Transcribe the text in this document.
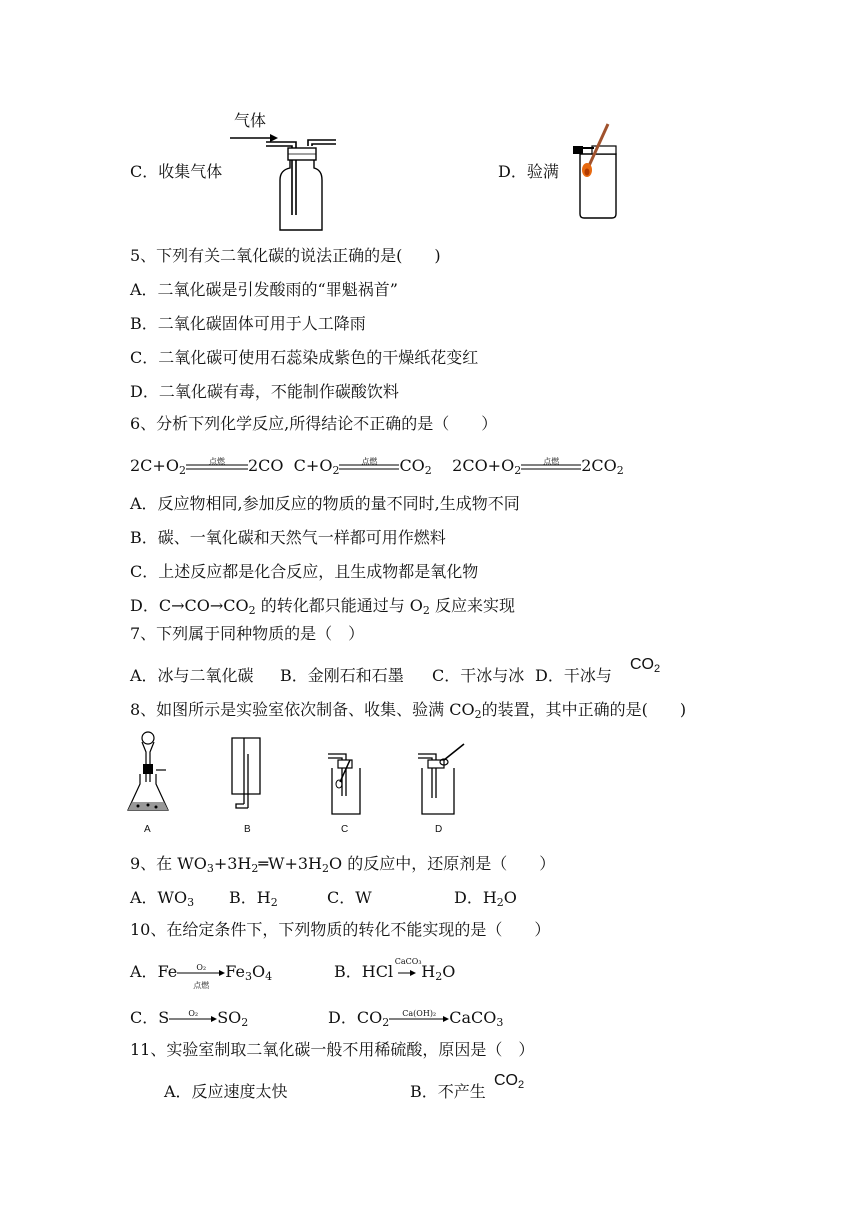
C．收集气体
气体
D．验满
5、下列有关二氧化碳的说法正确的是(　　)
A．二氧化碳是引发酸雨的“罪魁祸首”
B．二氧化碳固体可用于人工降雨
C．二氧化碳可使用石蕊染成紫色的干燥纸花变红
D．二氧化碳有毒，不能制作碳酸饮料
6、分析下列化学反应,所得结论不正确的是（　　）
$2C+O_2$
点燃	2CO  $C+O_2$
点燃	$CO_2$    $2CO+O_2$
点燃	$2CO_2$
A．反应物相同,参加反应的物质的量不同时,生成物不同
B．碳、一氧化碳和天然气一样都可用作燃料
C．上述反应都是化合反应，且生成物都是氧化物
D．$C\to CO\to CO_2$ 的转化都只能通过与 $O_2$ 反应来实现
7、下列属于同种物质的是（　）
A．冰与二氧化碳 B．金刚石和石墨 C．干冰与冰 D．干冰与
CO2
8、如图所示是实验室依次制备、收集、验满 $CO_2$的装置，其中正确的是(　　)
A	B	C	D
9、在 $WO_3+3H_2═W+3H_2O$ 的反应中，还原剂是（　　）
A．$WO_3$ B．$H_2$	C．W	D．$H_2O$
10、在给定条件下，下列物质的转化不能实现的是（　　）
A．Fe	O₂
点燃
$Fe_3O_4$	B．HCl
CaCO₃
$H_2O$
C．S	O₂	$SO_2$	D．$CO_2$
Ca(OH)₂ CaCO$_3$
11、实验室制取二氧化碳一般不用稀硫酸，原因是（　）
A．反应速度太快	B．不产生
CO2
